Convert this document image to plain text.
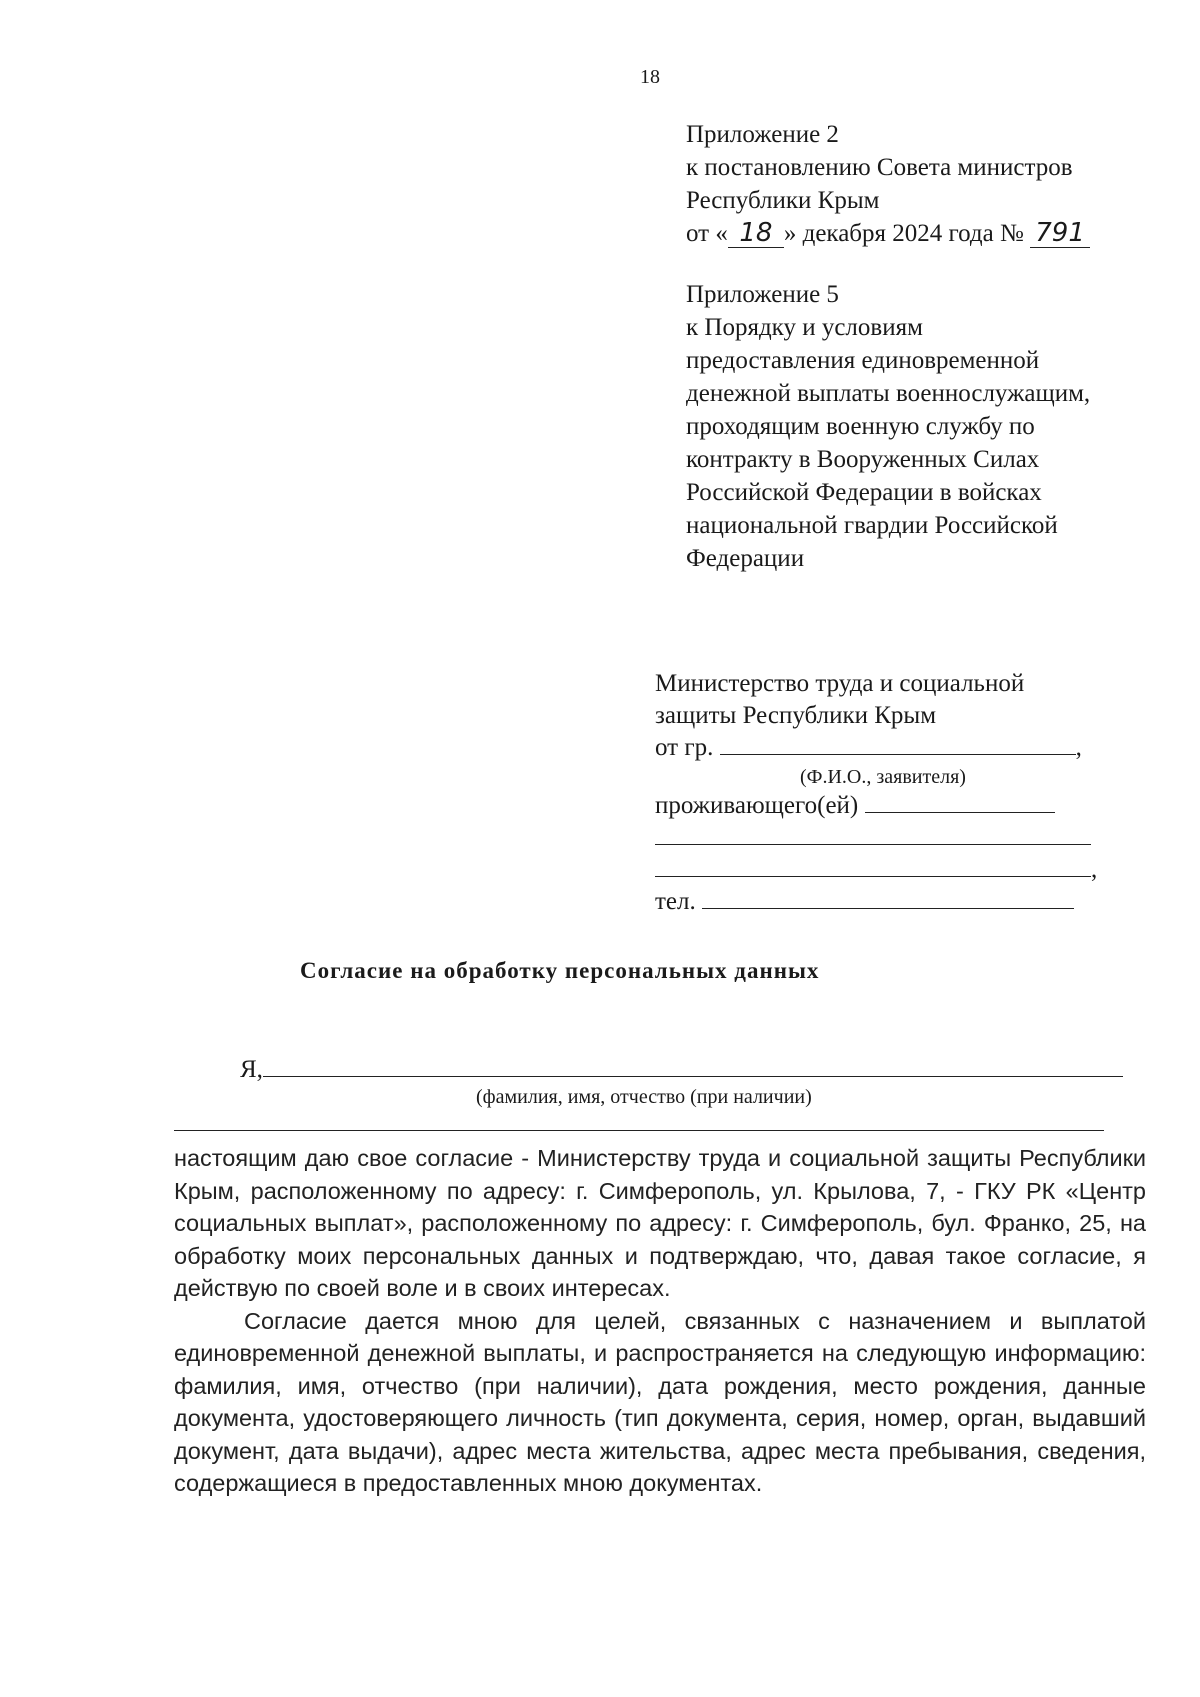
18
Приложение 2
к постановлению Совета министров
Республики Крым
от « 18 » декабря 2024 года № 791
Приложение 5
к Порядку и условиям
предоставления единовременной
денежной выплаты военнослужащим,
проходящим военную службу по
контракту в Вооруженных Силах
Российской Федерации в войсках
национальной гвардии Российской
Федерации
Министерство труда и социальной
защиты Республики Крым
от гр.	,
(Ф.И.О., заявителя)
проживающего(ей)
,
тел.
Согласие на обработку персональных данных
Я,
(фамилия, имя, отчество (при наличии)

настоящим даю свое согласие - Министерству труда и социальной защиты Республики Крым, расположенному по адресу: г. Симферополь, ул. Крылова, 7, - ГКУ РК «Центр социальных выплат», расположенному по адресу: г. Симферополь, бул. Франко, 25, на обработку моих персональных данных и подтверждаю, что, давая такое согласие, я действую по своей воле и в своих интересах.

Согласие дается мною для целей, связанных с назначением и выплатой единовременной денежной выплаты, и распространяется на следующую информацию: фамилия, имя, отчество (при наличии), дата рождения, место рождения, данные документа, удостоверяющего личность (тип документа, серия, номер, орган, выдавший документ, дата выдачи), адрес места жительства, адрес места пребывания, сведения, содержащиеся в предоставленных мною документах.
